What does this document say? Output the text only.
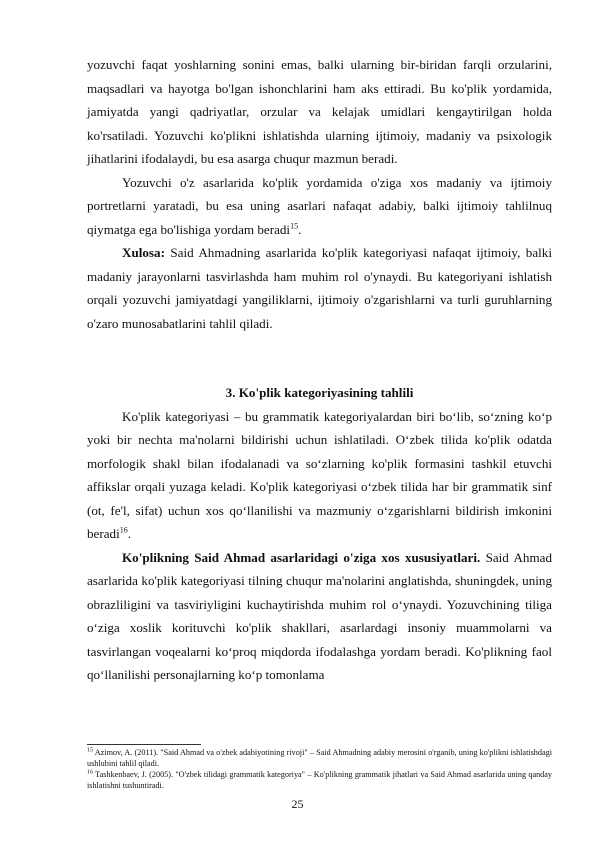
yozuvchi faqat yoshlarning sonini emas, balki ularning bir-biridan farqli orzularini, maqsadlari va hayotga bo'lgan ishonchlarini ham aks ettiradi. Bu ko'plik yordamida, jamiyatda yangi qadriyatlar, orzular va kelajak umidlari kengaytirilgan holda ko'rsatiladi. Yozuvchi ko'plikni ishlatishda ularning ijtimoiy, madaniy va psixologik jihatlarini ifodalaydi, bu esa asarga chuqur mazmun beradi.

Yozuvchi o'z asarlarida ko'plik yordamida o'ziga xos madaniy va ijtimoiy portretlarni yaratadi, bu esa uning asarlari nafaqat adabiy, balki ijtimoiy tahlilnuq qiymatga ega bo'lishiga yordam beradi$^{15}$.

Xulosa: Said Ahmadning asarlarida ko'plik kategoriyasi nafaqat ijtimoiy, balki madaniy jarayonlarni tasvirlashda ham muhim rol o'ynaydi. Bu kategoriyani ishlatish orqali yozuvchi jamiyatdagi yangiliklarni, ijtimoiy o'zgarishlarni va turli guruhlarning o'zaro munosabatlarini tahlil qiladi.

3. Ko'plik kategoriyasining tahlili

Ko'plik kategoriyasi – bu grammatik kategoriyalardan biri bo‘lib, so‘zning ko‘p yoki bir nechta ma'nolarni bildirishi uchun ishlatiladi. O‘zbek tilida ko'plik odatda morfologik shakl bilan ifodalanadi va so‘zlarning ko'plik formasini tashkil etuvchi affikslar orqali yuzaga keladi. Ko'plik kategoriyasi o‘zbek tilida har bir grammatik sinf (ot, fe'l, sifat) uchun xos qo‘llanilishi va mazmuniy o‘zgarishlarni bildirish imkonini beradi$^{16}$.

Ko'plikning Said Ahmad asarlaridagi o'ziga xos xususiyatlari. Said Ahmad asarlarida ko'plik kategoriyasi tilning chuqur ma'nolarini anglatishda, shuningdek, uning obrazliligini va tasviriyligini kuchaytirishda muhim rol o‘ynaydi. Yozuvchining tiliga o‘ziga xoslik korituvchi ko'plik shakllari, asarlardagi insoniy muammolarni va tasvirlangan voqealarni ko‘proq miqdorda ifodalashga yordam beradi. Ko'plikning faol qo‘llanilishi personajlarning ko‘p tomonlama

$^{15}$ Azimov, A. (2011). "Said Ahmad va o'zbek adabiyotining rivoji" – Said Ahmadning adabiy merosini o'rganib, uning ko'plikni ishlatishdagi ushlubini tahlil qiladi.

$^{16}$ Tashkenbaev, J. (2005). "O'zbek tilidagi grammatik kategoriya" – Ko'plikning grammatik jihatlari va Said Ahmad asarlarida uning qanday ishlatishni tushuntiradi.

25
